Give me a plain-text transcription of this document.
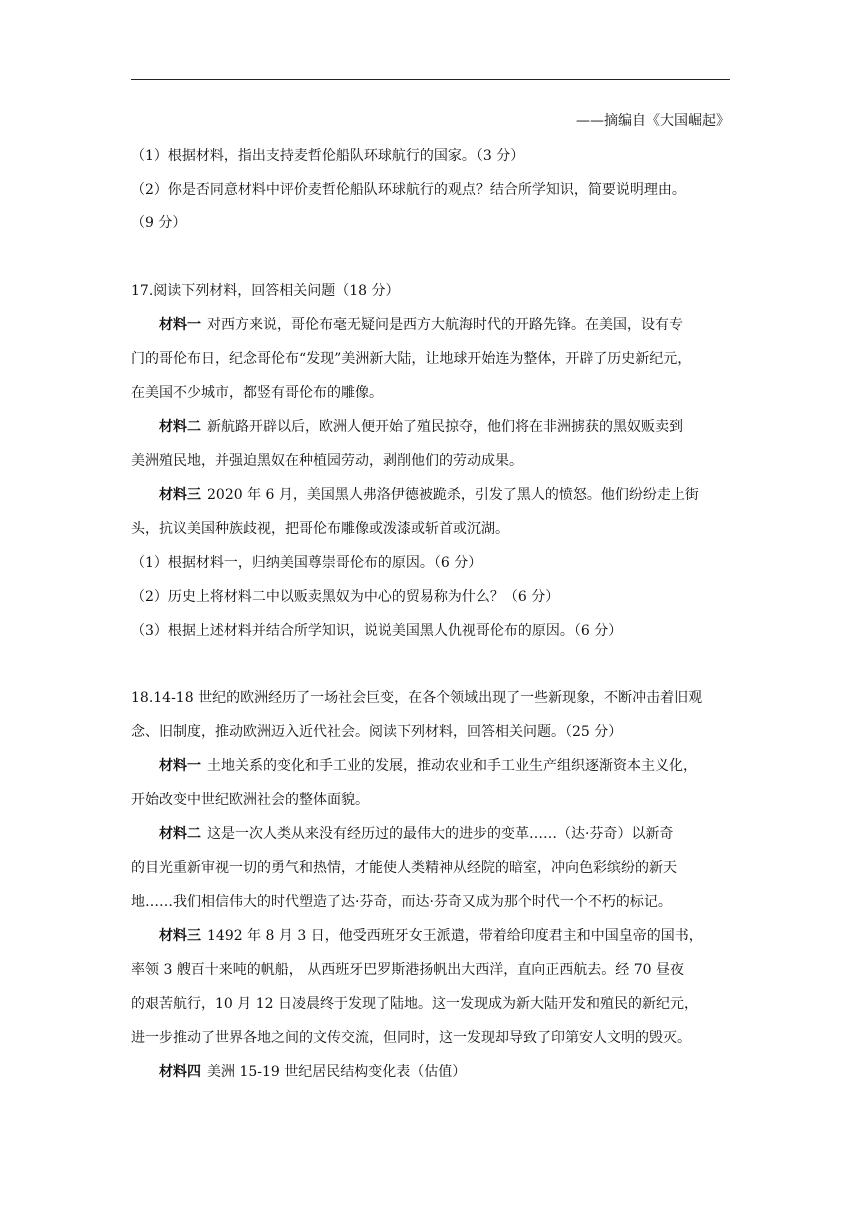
——摘编自《大国崛起》
（1）根据材料，指出支持麦哲伦船队环球航行的国家。（3 分）
（2）你是否同意材料中评价麦哲伦船队环球航行的观点？结合所学知识，简要说明理由。
（9 分）
17.阅读下列材料，回答相关问题（18 分）
材料一 对西方来说，哥伦布毫无疑问是西方大航海时代的开路先锋。在美国，设有专
门的哥伦布日，纪念哥伦布“发现”美洲新大陆，让地球开始连为整体，开辟了历史新纪元，
在美国不少城市，都竖有哥伦布的雕像。
材料二 新航路开辟以后，欧洲人便开始了殖民掠夺，他们将在非洲掳获的黑奴贩卖到
美洲殖民地，并强迫黑奴在种植园劳动，剥削他们的劳动成果。
材料三 2020 年 6 月，美国黑人弗洛伊德被跪杀，引发了黑人的愤怒。他们纷纷走上街
头，抗议美国种族歧视，把哥伦布雕像或泼漆或斩首或沉湖。
（1）根据材料一，归纳美国尊崇哥伦布的原因。（6 分）
（2）历史上将材料二中以贩卖黑奴为中心的贸易称为什么？（6 分）
（3）根据上述材料并结合所学知识，说说美国黑人仇视哥伦布的原因。（6 分）
18.14-18 世纪的欧洲经历了一场社会巨变，在各个领域出现了一些新现象，不断冲击着旧观
念、旧制度，推动欧洲迈入近代社会。阅读下列材料，回答相关问题。（25 分）
材料一 土地关系的变化和手工业的发展，推动农业和手工业生产组织逐渐资本主义化，
开始改变中世纪欧洲社会的整体面貌。
材料二 这是一次人类从来没有经历过的最伟大的进步的变革……（达·芬奇）以新奇
的目光重新审视一切的勇气和热情，才能使人类精神从经院的暗室，冲向色彩缤纷的新天
地……我们相信伟大的时代塑造了达·芬奇，而达·芬奇又成为那个时代一个不朽的标记。
材料三 1492 年 8 月 3 日，他受西班牙女王派遣，带着给印度君主和中国皇帝的国书，
率领 3 艘百十来吨的帆船， 从西班牙巴罗斯港扬帆出大西洋，直向正西航去。经 70 昼夜
的艰苦航行，10 月 12 日凌晨终于发现了陆地。这一发现成为新大陆开发和殖民的新纪元，
进一步推动了世界各地之间的文传交流，但同时，这一发现却导致了印第安人文明的毁灭。
材料四 美洲 15-19 世纪居民结构变化表（估值）
